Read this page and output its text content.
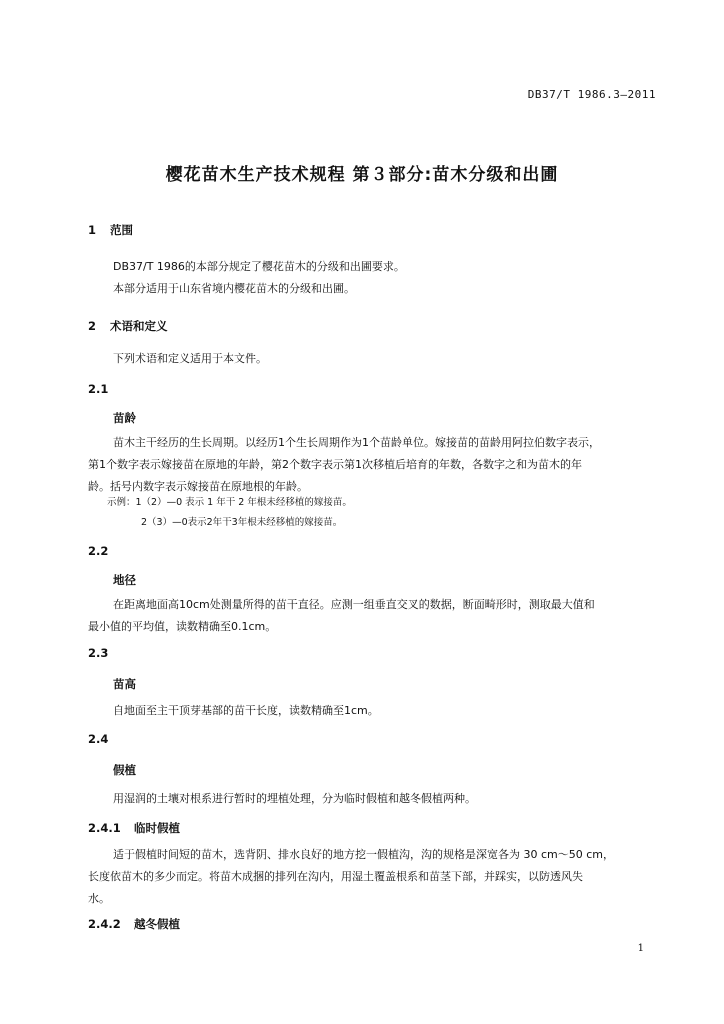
DB37/T 1986.3—2011
樱花苗木生产技术规程 第３部分:苗木分级和出圃
1 范围
DB37/T 1986的本部分规定了樱花苗木的分级和出圃要求。
本部分适用于山东省境内樱花苗木的分级和出圃。
2 术语和定义
下列术语和定义适用于本文件。
2.1
苗龄
苗木主干经历的生长周期。以经历1个生长周期作为1个苗龄单位。嫁接苗的苗龄用阿拉伯数字表示，
第1个数字表示嫁接苗在原地的年龄，第2个数字表示第1次移植后培育的年数，各数字之和为苗木的年
龄。括号内数字表示嫁接苗在原地根的年龄。
示例：1（2）—0 表示 1 年干 2 年根未经移植的嫁接苗。
2（3）—0表示2年干3年根未经移植的嫁接苗。
2.2
地径
在距离地面高10cm处测量所得的苗干直径。应测一组垂直交叉的数据，断面畸形时，测取最大值和
最小值的平均值，读数精确至0.1cm。
2.3
苗高
自地面至主干顶芽基部的苗干长度，读数精确至1cm。
2.4
假植
用湿润的土壤对根系进行暂时的埋植处理，分为临时假植和越冬假植两种。
2.4.1 临时假植
适于假植时间短的苗木，选背阴、排水良好的地方挖一假植沟，沟的规格是深宽各为 30 cm～50 cm，
长度依苗木的多少而定。将苗木成捆的排列在沟内，用湿土覆盖根系和苗茎下部，并踩实，以防透风失
水。
2.4.2 越冬假植
1
